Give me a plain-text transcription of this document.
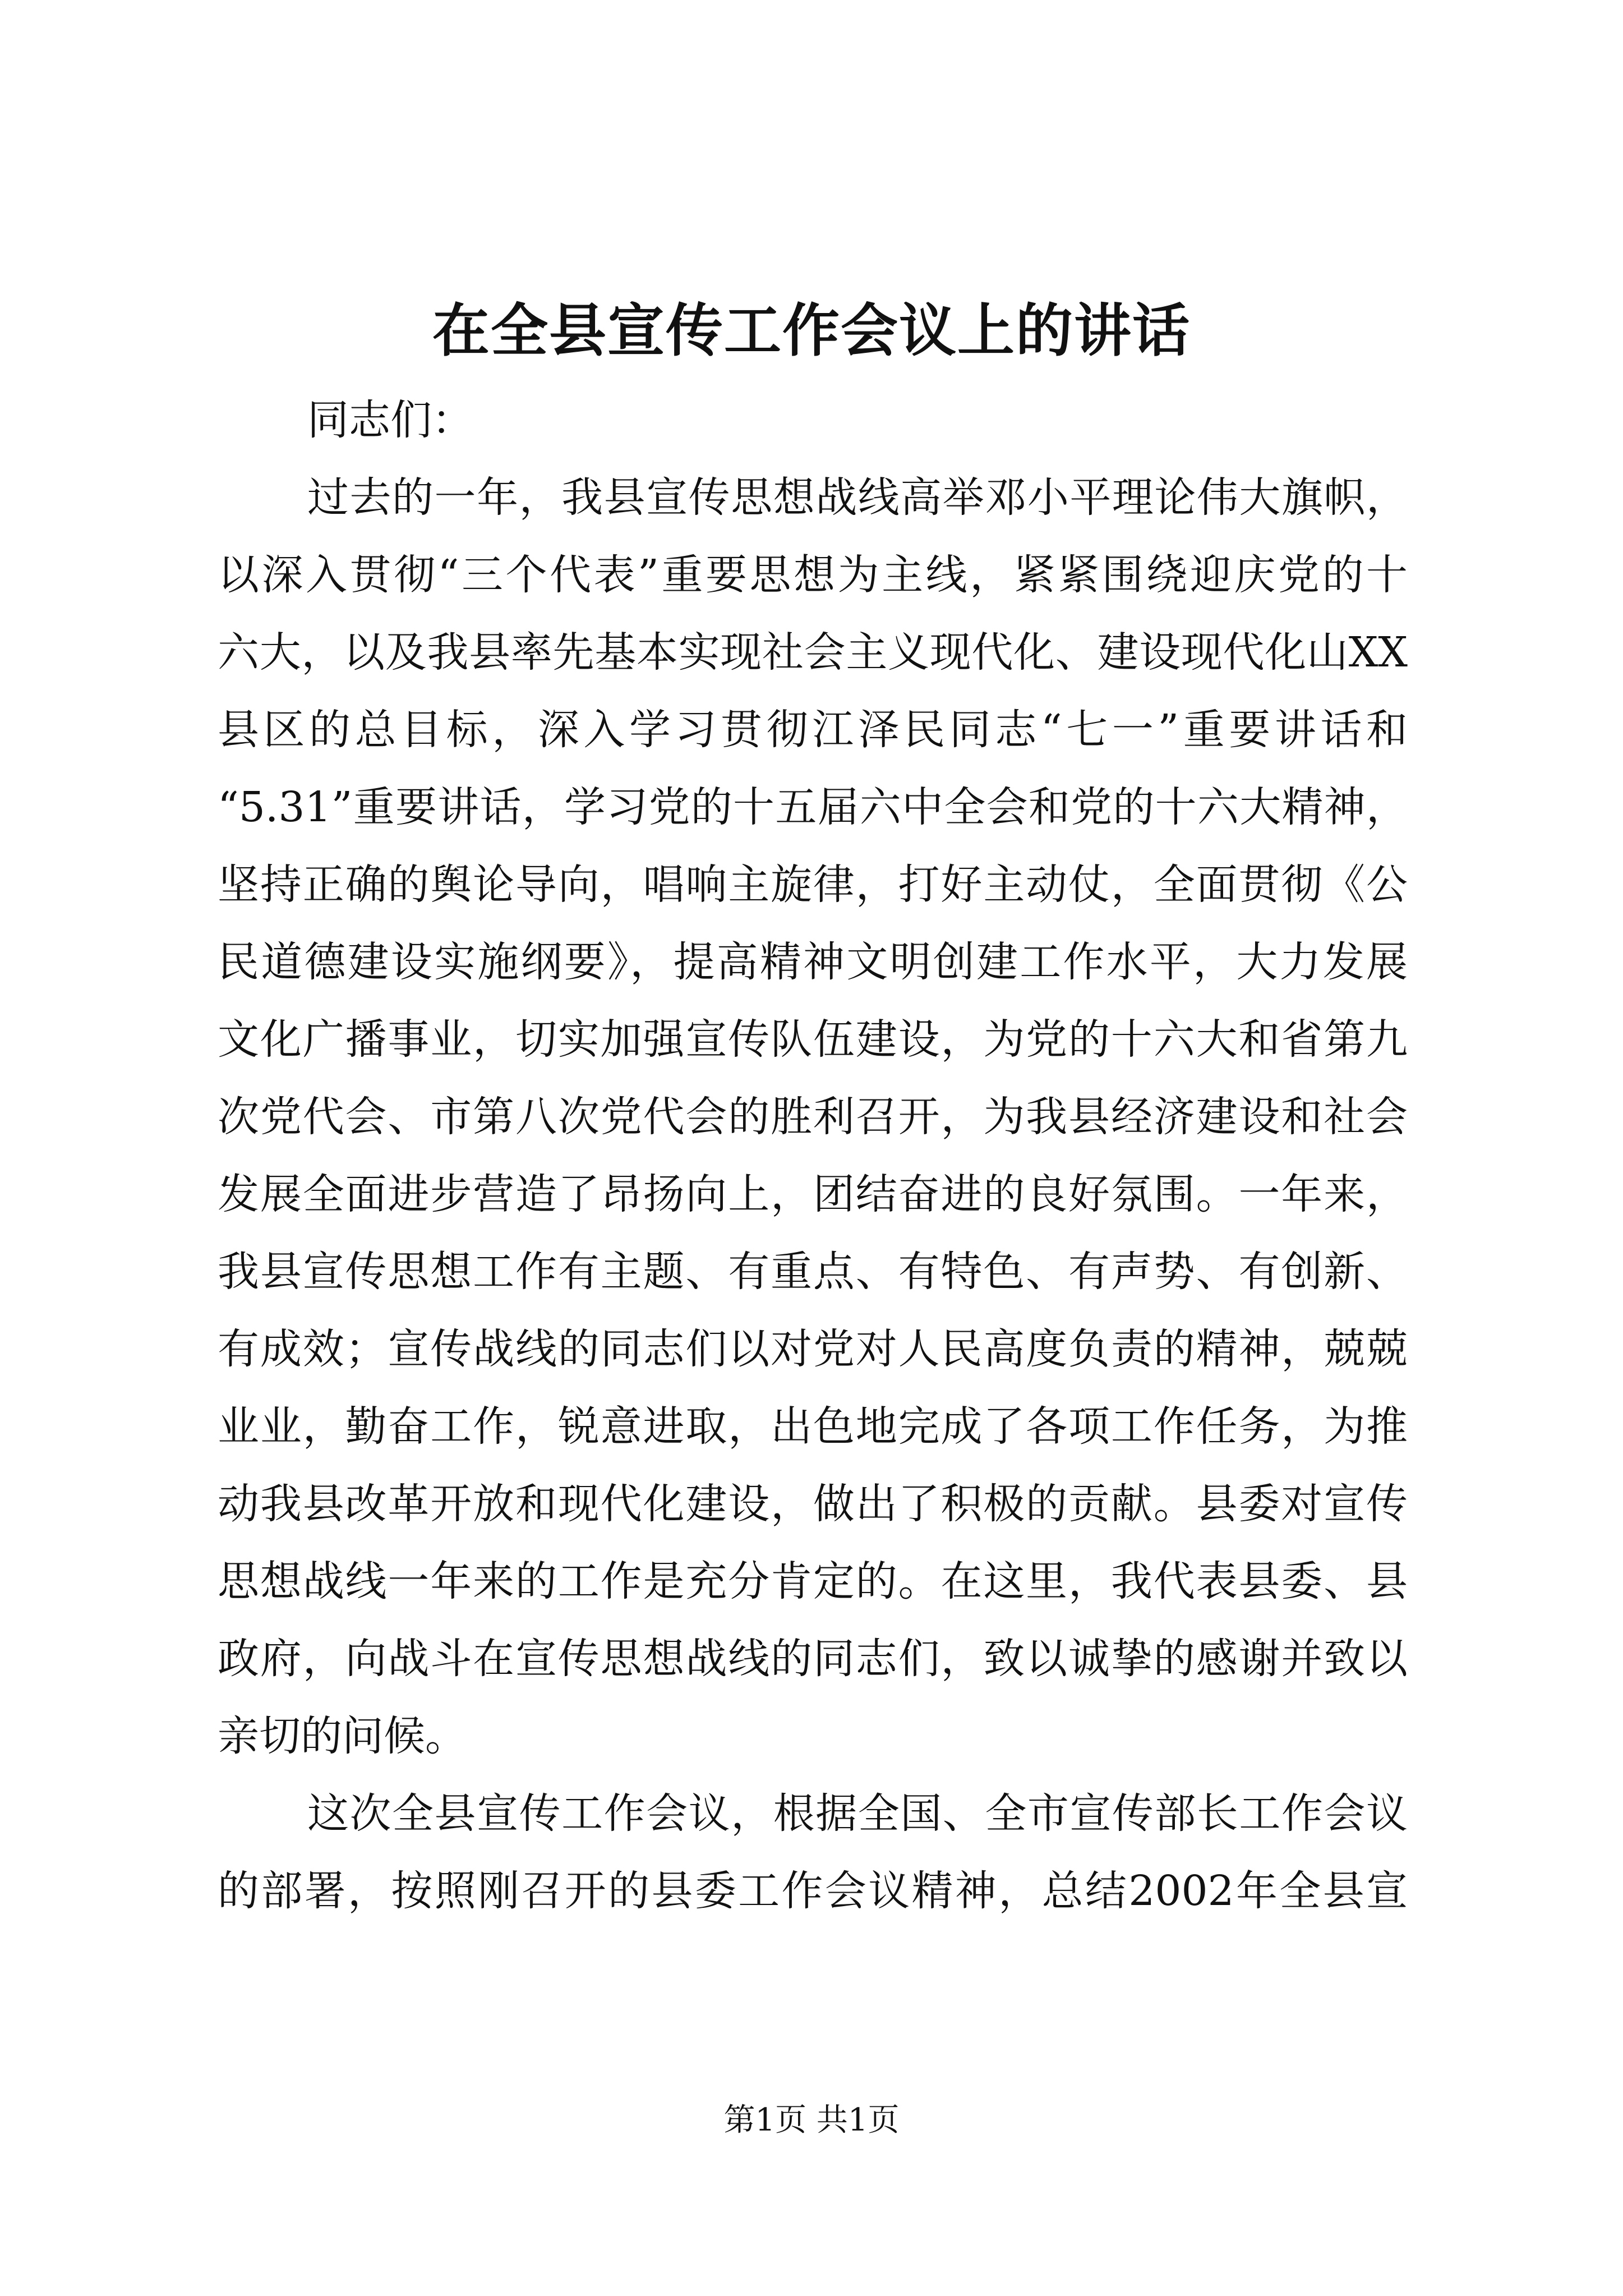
在全县宣传工作会议上的讲话

同志们：

过去的一年，我县宣传思想战线高举邓小平理论伟大旗帜，

以深入贯彻“三个代表”重要思想为主线，紧紧围绕迎庆党的十

六大，以及我县率先基本实现社会主义现代化、建设现代化山XX

县区的总目标，深入学习贯彻江泽民同志“七一”重要讲话和

“5.31”重要讲话，学习党的十五届六中全会和党的十六大精神，

坚持正确的舆论导向，唱响主旋律，打好主动仗，全面贯彻《公

民道德建设实施纲要》，提高精神文明创建工作水平，大力发展

文化广播事业，切实加强宣传队伍建设，为党的十六大和省第九

次党代会、市第八次党代会的胜利召开，为我县经济建设和社会

发展全面进步营造了昂扬向上，团结奋进的良好氛围。一年来，

我县宣传思想工作有主题、有重点、有特色、有声势、有创新、

有成效；宣传战线的同志们以对党对人民高度负责的精神，兢兢

业业，勤奋工作，锐意进取，出色地完成了各项工作任务，为推

动我县改革开放和现代化建设，做出了积极的贡献。县委对宣传

思想战线一年来的工作是充分肯定的。在这里，我代表县委、县

政府，向战斗在宣传思想战线的同志们，致以诚挚的感谢并致以

亲切的问候。

这次全县宣传工作会议，根据全国、全市宣传部长工作会议

的部署，按照刚召开的县委工作会议精神，总结2002年全县宣

第1页 共1页
